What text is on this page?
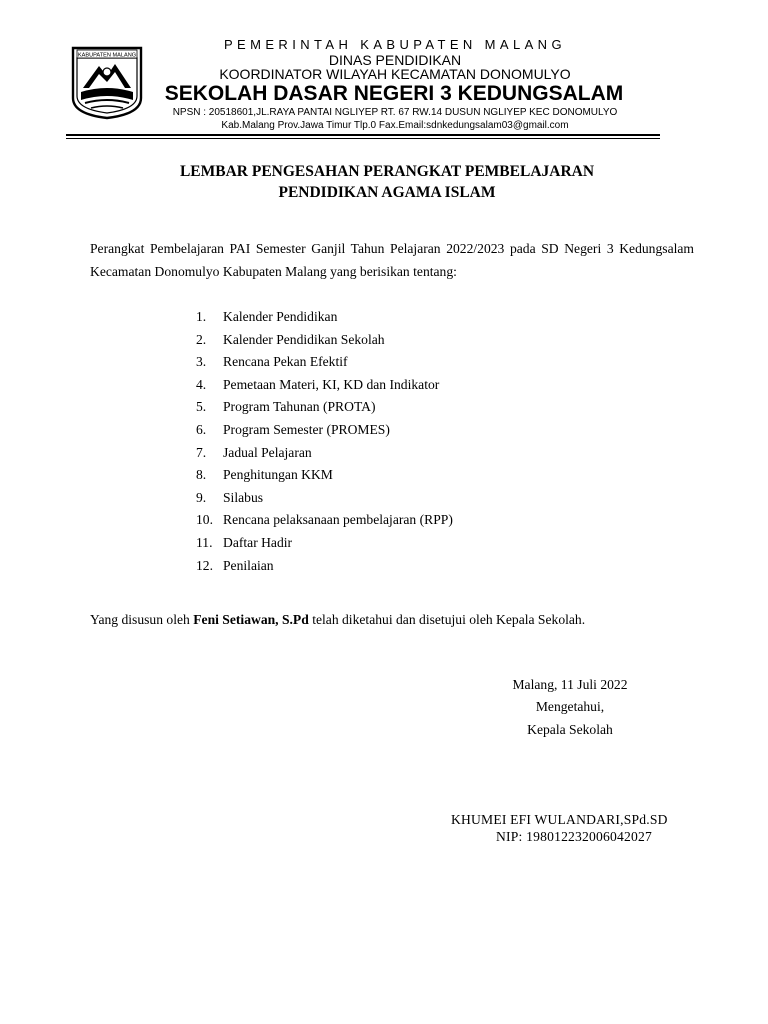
KABUPATEN MALANG
PEMERINTAH KABUPATEN MALANG
DINAS PENDIDIKAN
KOORDINATOR WILAYAH KECAMATAN DONOMULYO
SEKOLAH DASAR NEGERI 3 KEDUNGSALAM
NPSN : 20518601,JL.RAYA PANTAI NGLIYEP RT. 67 RW.14 DUSUN NGLIYEP KEC DONOMULYO
Kab.Malang Prov.Jawa Timur Tlp.0 Fax.Email:sdnkedungsalam03@gmail.com
LEMBAR PENGESAHAN PERANGKAT PEMBELAJARAN
PENDIDIKAN AGAMA ISLAM
Perangkat Pembelajaran PAI Semester Ganjil Tahun Pelajaran 2022/2023 pada SD Negeri 3 Kedungsalam Kecamatan Donomulyo Kabupaten Malang yang berisikan tentang:
1.	Kalender Pendidikan
2.	Kalender Pendidikan Sekolah
3.	Rencana Pekan Efektif
4.	Pemetaan Materi, KI, KD dan Indikator
5.	Program Tahunan (PROTA)
6.	Program Semester (PROMES)
7.	Jadual Pelajaran
8.	Penghitungan KKM
9.	Silabus
10. Rencana pelaksanaan pembelajaran (RPP)
11. Daftar Hadir
12. Penilaian
Yang disusun oleh Feni Setiawan, S.Pd telah diketahui dan disetujui oleh Kepala Sekolah.
Malang, 11 Juli 2022
Mengetahui,
Kepala Sekolah
KHUMEI EFI WULANDARI,SPd.SD
NIP: 198012232006042027
